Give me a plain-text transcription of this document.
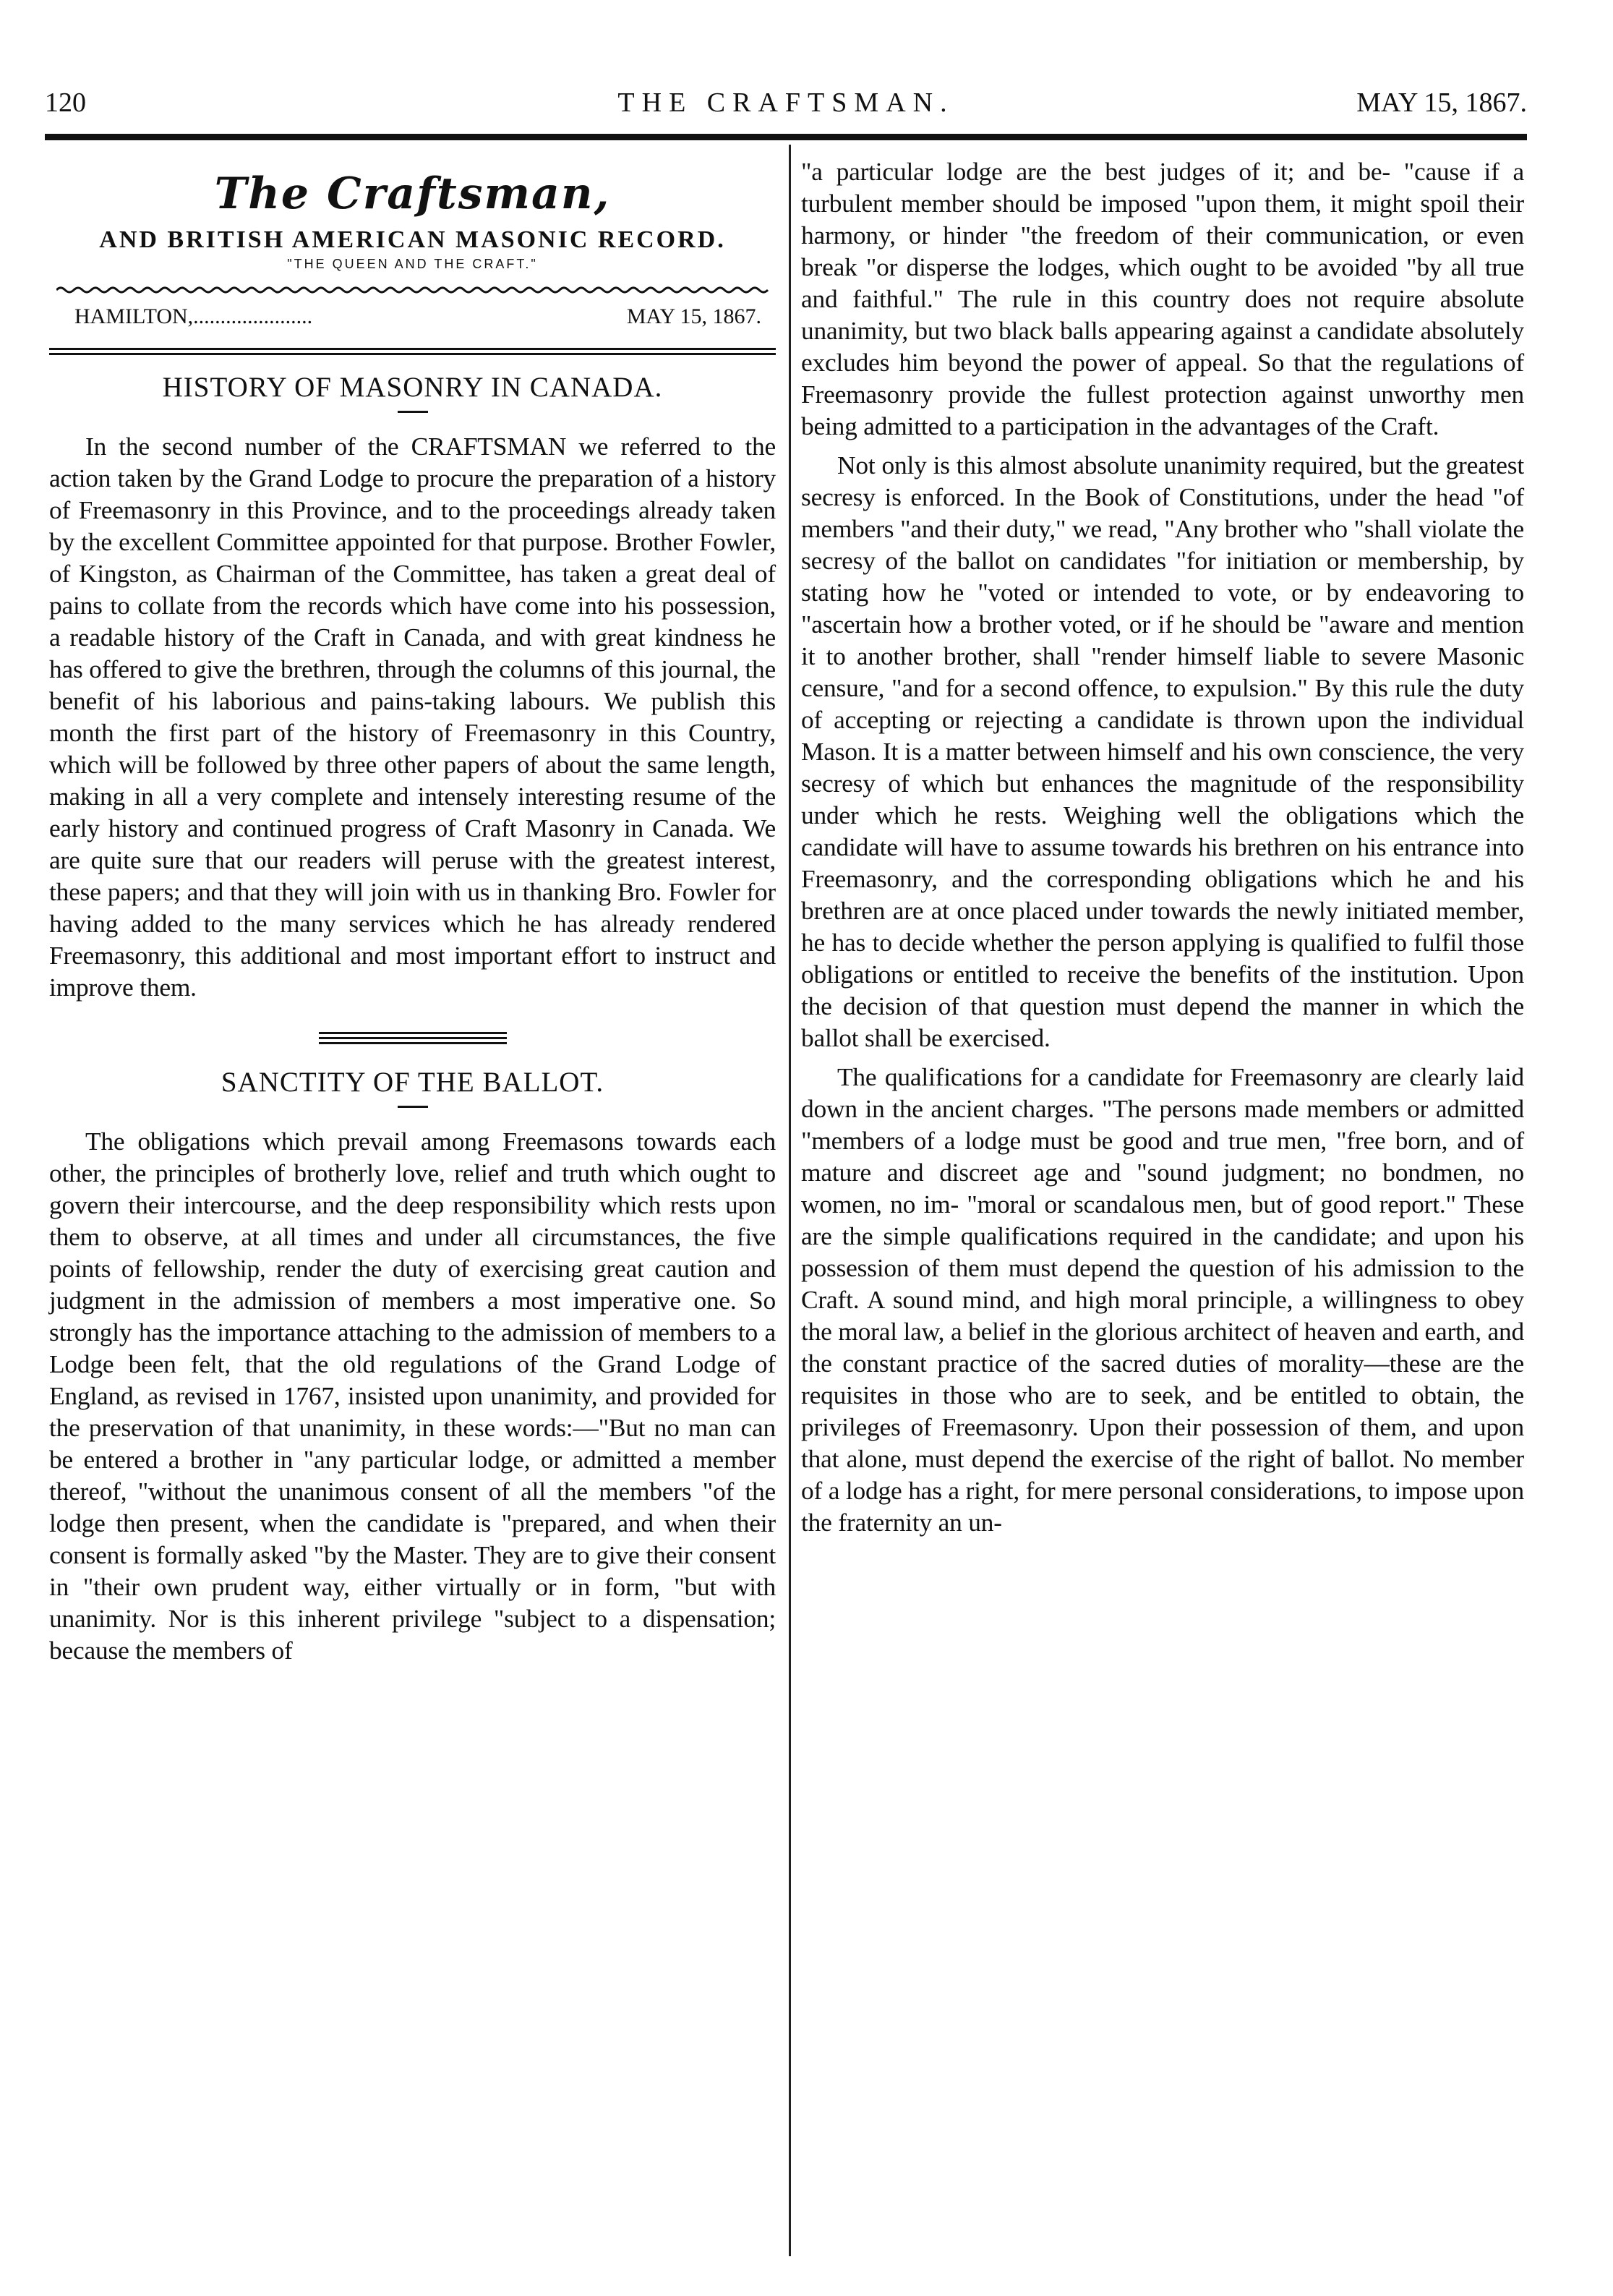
120	THE CRAFTSMAN.	MAY 15, 1867.
The Craftsman,
AND BRITISH AMERICAN MASONIC RECORD.
"THE QUEEN AND THE CRAFT."
HAMILTON,......................	MAY 15, 1867.
HISTORY OF MASONRY IN CANADA.

In the second number of the CRAFTSMAN we referred to the action taken by the Grand Lodge to procure the preparation of a history of Freemasonry in this Province, and to the proceedings already taken by the excellent Committee appointed for that purpose. Brother Fowler, of Kingston, as Chairman of the Committee, has taken a great deal of pains to collate from the records which have come into his possession, a readable history of the Craft in Canada, and with great kindness he has offered to give the brethren, through the columns of this journal, the benefit of his laborious and pains-taking labours. We publish this month the first part of the history of Freemasonry in this Country, which will be followed by three other papers of about the same length, making in all a very complete and intensely interesting resume of the early history and continued progress of Craft Masonry in Canada. We are quite sure that our readers will peruse with the greatest interest, these papers; and that they will join with us in thanking Bro. Fowler for having added to the many services which he has already rendered Freemasonry, this additional and most important effort to instruct and improve them.

SANCTITY OF THE BALLOT.

The obligations which prevail among Freemasons towards each other, the principles of brotherly love, relief and truth which ought to govern their intercourse, and the deep responsibility which rests upon them to observe, at all times and under all circumstances, the five points of fellowship, render the duty of exercising great caution and judgment in the admission of members a most imperative one. So strongly has the importance attaching to the admission of members to a Lodge been felt, that the old regulations of the Grand Lodge of England, as revised in 1767, insisted upon unanimity, and provided for the preservation of that unanimity, in these words:—"But no man can be entered a brother in "any particular lodge, or admitted a member thereof, "without the unanimous consent of all the members "of the lodge then present, when the candidate is "prepared, and when their consent is formally asked "by the Master. They are to give their consent in "their own prudent way, either virtually or in form, "but with unanimity. Nor is this inherent privilege "subject to a dispensation; because the members of

"a particular lodge are the best judges of it; and be- "cause if a turbulent member should be imposed "upon them, it might spoil their harmony, or hinder "the freedom of their communication, or even break "or disperse the lodges, which ought to be avoided "by all true and faithful." The rule in this country does not require absolute unanimity, but two black balls appearing against a candidate absolutely excludes him beyond the power of appeal. So that the regulations of Freemasonry provide the fullest protection against unworthy men being admitted to a participation in the advantages of the Craft.

Not only is this almost absolute unanimity required, but the greatest secresy is enforced. In the Book of Constitutions, under the head "of members "and their duty," we read, "Any brother who "shall violate the secresy of the ballot on candidates "for initiation or membership, by stating how he "voted or intended to vote, or by endeavoring to "ascertain how a brother voted, or if he should be "aware and mention it to another brother, shall "render himself liable to severe Masonic censure, "and for a second offence, to expulsion." By this rule the duty of accepting or rejecting a candidate is thrown upon the individual Mason. It is a matter between himself and his own conscience, the very secresy of which but enhances the magnitude of the responsibility under which he rests. Weighing well the obligations which the candidate will have to assume towards his brethren on his entrance into Freemasonry, and the corresponding obligations which he and his brethren are at once placed under towards the newly initiated member, he has to decide whether the person applying is qualified to fulfil those obligations or entitled to receive the benefits of the institution. Upon the decision of that question must depend the manner in which the ballot shall be exercised.

The qualifications for a candidate for Freemasonry are clearly laid down in the ancient charges. "The persons made members or admitted "members of a lodge must be good and true men, "free born, and of mature and discreet age and "sound judgment; no bondmen, no women, no im- "moral or scandalous men, but of good report." These are the simple qualifications required in the candidate; and upon his possession of them must depend the question of his admission to the Craft. A sound mind, and high moral principle, a willingness to obey the moral law, a belief in the glorious architect of heaven and earth, and the constant practice of the sacred duties of morality—these are the requisites in those who are to seek, and be entitled to obtain, the privileges of Freemasonry. Upon their possession of them, and upon that alone, must depend the exercise of the right of ballot. No member of a lodge has a right, for mere personal considerations, to impose upon the fraternity an un-
